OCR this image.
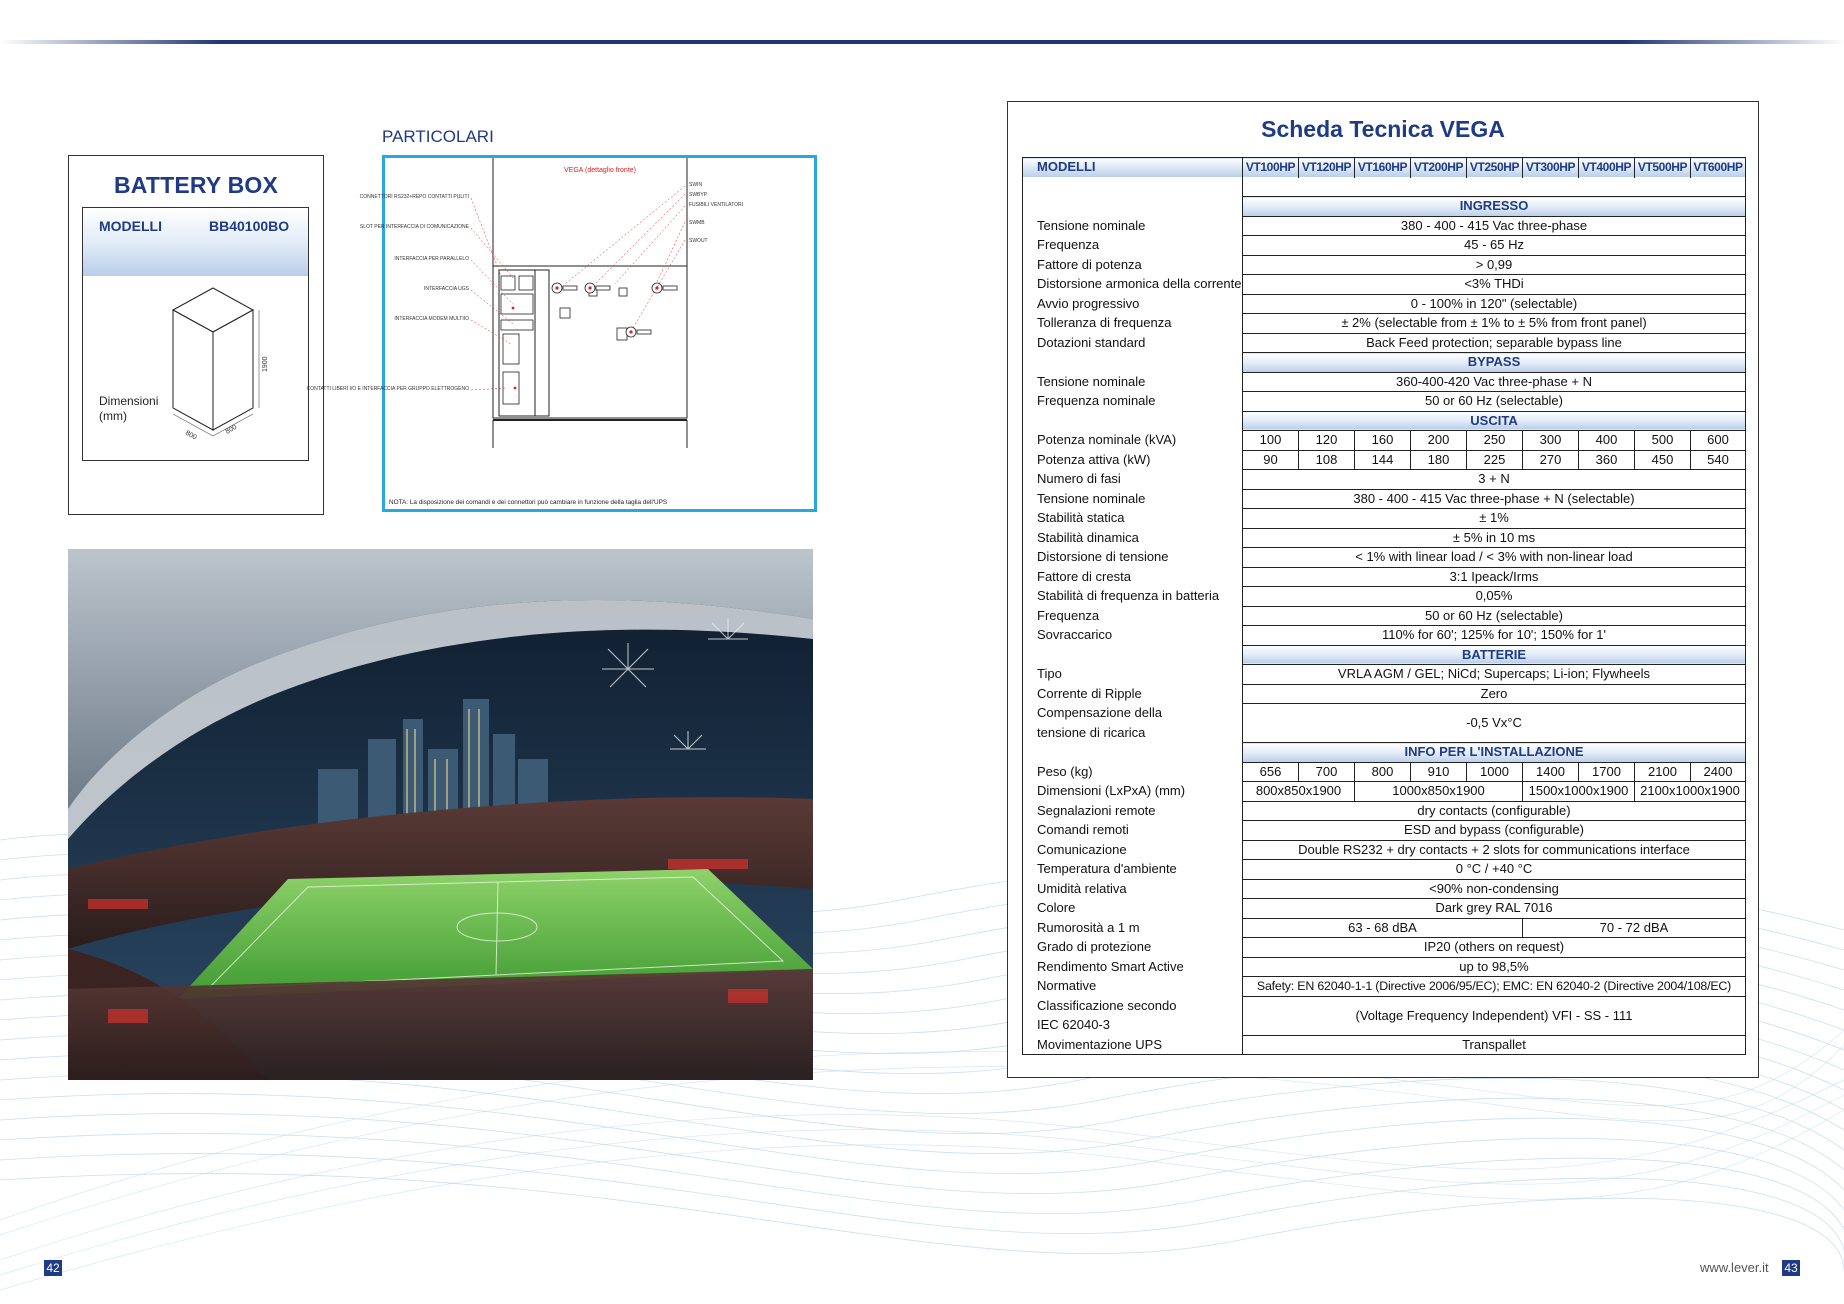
BATTERY BOX
MODELLI	BB40100BO
Dimensioni
(mm)
1900
800	800
PARTICOLARI
VEGA (dettaglio fronte)
CONNETTORI RS232+REPO CONTATTI PULITI
SLOT PER INTERFACCIA DI COMUNICAZIONE
INTERFACCIA PER PARALLELO
INTERFACCIA UGS
INTERFACCIA MODEM MULTIIO
CONTATTI LIBERI I/O E INTERFACCIA PER GRUPPO ELETTROGENO
SWIN
SWBYP
FUSIBILI VENTILATORI
SWMB
SWOUT
NOTA: La disposizione dei comandi e dei connettori può cambiare in funzione della taglia dell'UPS
Scheda Tecnica VEGA
MODELLI	VT100HP	VT120HP	VT160HP	VT200HP	VT250HP	VT300HP	VT400HP	VT500HP	VT600HP

	INGRESSO								
Tensione nominale	380 - 400 - 415 Vac three-phase								
Frequenza	45 - 65 Hz								
Fattore di potenza	> 0,99								
Distorsione armonica della corrente	<3% THDi								
Avvio progressivo	0 - 100% in 120" (selectable)								
Tolleranza di frequenza	± 2% (selectable from ± 1% to ± 5% from front panel)								
Dotazioni standard	Back Feed protection; separable bypass line								
	BYPASS								
Tensione nominale	360-400-420 Vac three-phase + N								
Frequenza nominale	50 or 60 Hz (selectable)								
	USCITA								
Potenza nominale (kVA)	100	120	160	200	250	300	400	500	600
Potenza attiva (kW)	90	108	144	180	225	270	360	450	540
Numero di fasi	3 + N								
Tensione nominale	380 - 400 - 415 Vac three-phase + N (selectable)								
Stabilità statica	± 1%								
Stabilità dinamica	± 5% in 10 ms								
Distorsione di tensione	< 1% with linear load / < 3% with non-linear load								
Fattore di cresta	3:1 Ipeack/Irms								
Stabilità di frequenza in batteria	0,05%								
Frequenza	50 or 60 Hz (selectable)								
Sovraccarico	110% for 60'; 125% for 10'; 150% for 1'								
	BATTERIE								
Tipo	VRLA AGM / GEL; NiCd; Supercaps; Li-ion; Flywheels								
Corrente di Ripple	Zero								
Compensazione della	-0,5 Vx°C								
tensione di ricarica									
	INFO PER L'INSTALLAZIONE								
Peso (kg)	656	700	800	910	1000	1400	1700	2100	2400
Dimensioni (LxPxA) (mm)	800x850x1900		1000x850x1900			1500x1000x1900		2100x1000x1900	
Segnalazioni remote	dry contacts (configurable)								
Comandi remoti	ESD and bypass (configurable)								
Comunicazione	Double RS232 + dry contacts + 2 slots for communications interface								
Temperatura d'ambiente	0 °C / +40 °C								
Umidità relativa	<90% non-condensing								
Colore	Dark grey RAL 7016								
Rumorosità a 1 m	63 - 68 dBA					70 - 72 dBA			
Grado di protezione	IP20 (others on request)								
Rendimento Smart Active	up to 98,5%								
Normative	Safety: EN 62040-1-1 (Directive 2006/95/EC); EMC: EN 62040-2 (Directive 2004/108/EC)								
Classificazione secondo	(Voltage Frequency Independent) VFI - SS - 111								
IEC 62040-3									
Movimentazione UPS	Transpallet								
42	www.lever.it 43
